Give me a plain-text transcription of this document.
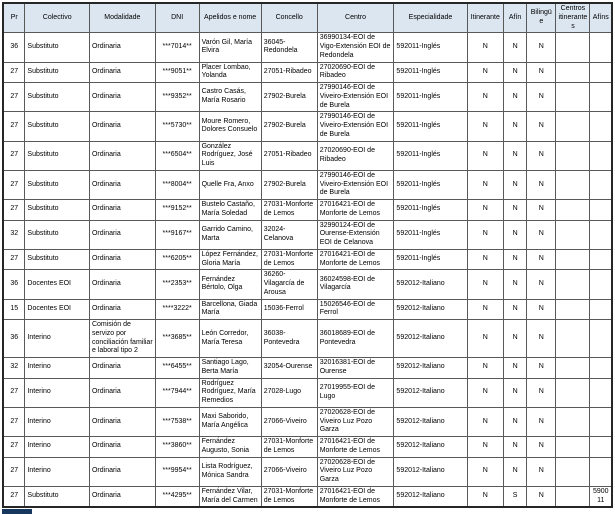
Pr	Colectivo	Modalidade	DNI	Apelidos e nome	Concello	Centro	Especialidade	Itinerante	Afín	Bilingüe	Centros itinerantes	Afíns
36	Substituto	Ordinaria	***7014**	Varón Gil, María Elvira	36045-Redondela	36990134-EOI de Vigo-Extensión EOI de Redondela	592011-Inglés	N	N	N		
27	Substituto	Ordinaria	***9051**	Placer Lombao, Yolanda	27051-Ribadeo	27020690-EOI de Ribadeo	592011-Inglés	N	N	N		
27	Substituto	Ordinaria	***9352**	Castro Casás, María Rosario	27902-Burela	27990146-EOI de Viveiro-Extensión EOI de Burela	592011-Inglés	N	N	N		
27	Substituto	Ordinaria	***5730**	Moure Romero, Dolores Consuelo	27902-Burela	27990146-EOI de Viveiro-Extensión EOI de Burela	592011-Inglés	N	N	N		
27	Substituto	Ordinaria	***6504**	González Rodríguez, José Luis	27051-Ribadeo	27020690-EOI de Ribadeo	592011-Inglés	N	N	N		
27	Substituto	Ordinaria	***8004**	Quelle Fra, Anxo	27902-Burela	27990146-EOI de Viveiro-Extensión EOI de Burela	592011-Inglés	N	N	N		
27	Substituto	Ordinaria	***9152**	Bustelo Castaño, María Soledad	27031-Monforte de Lemos	27016421-EOI de Monforte de Lemos	592011-Inglés	N	N	N		
32	Substituto	Ordinaria	***9167**	Garrido Camino, Marta	32024-Celanova	32990124-EOI de Ourense-Extensión EOI de Celanova	592011-Inglés	N	N	N		
27	Substituto	Ordinaria	***6205**	López Fernández, Gloria María	27031-Monforte de Lemos	27016421-EOI de Monforte de Lemos	592011-Inglés	N	N	N		
36	Docentes EOI	Ordinaria	***2353**	Fernández Bértolo, Olga	36260-Vilagarcía de Arousa	36024598-EOI de Vilagarcía	592012-Italiano	N	N	N		
15	Docentes EOI	Ordinaria	****3222*	Barcellona, Giada María	15036-Ferrol	15026546-EOI de Ferrol	592012-Italiano	N	N	N		
36	Interino	Comisión de servizo por conciliación familiar e laboral tipo 2	***3685**	León Corredor, María Teresa	36038-Pontevedra	36018689-EOI de Pontevedra	592012-Italiano	N	N	N		
32	Interino	Ordinaria	***6455**	Santiago Lago, Berta María	32054-Ourense	32016381-EOI de Ourense	592012-Italiano	N	N	N		
27	Interino	Ordinaria	***7944**	Rodríguez Rodríguez, María Remedios	27028-Lugo	27019955-EOI de Lugo	592012-Italiano	N	N	N		
27	Interino	Ordinaria	***7538**	Maxi Saborido, María Angélica	27066-Viveiro	27020628-EOI de Viveiro Luz Pozo Garza	592012-Italiano	N	N	N		
27	Interino	Ordinaria	***3860**	Fernández Augusto, Sonia	27031-Monforte de Lemos	27016421-EOI de Monforte de Lemos	592012-Italiano	N	N	N		
27	Interino	Ordinaria	***9954**	Lista Rodríguez, Mónica Sandra	27066-Viveiro	27020628-EOI de Viveiro Luz Pozo Garza	592012-Italiano	N	N	N		
27	Substituto	Ordinaria	***4295**	Fernández Vilar, María del Carmen	27031-Monforte de Lemos	27016421-EOI de Monforte de Lemos	592012-Italiano	N	S	N		590011
